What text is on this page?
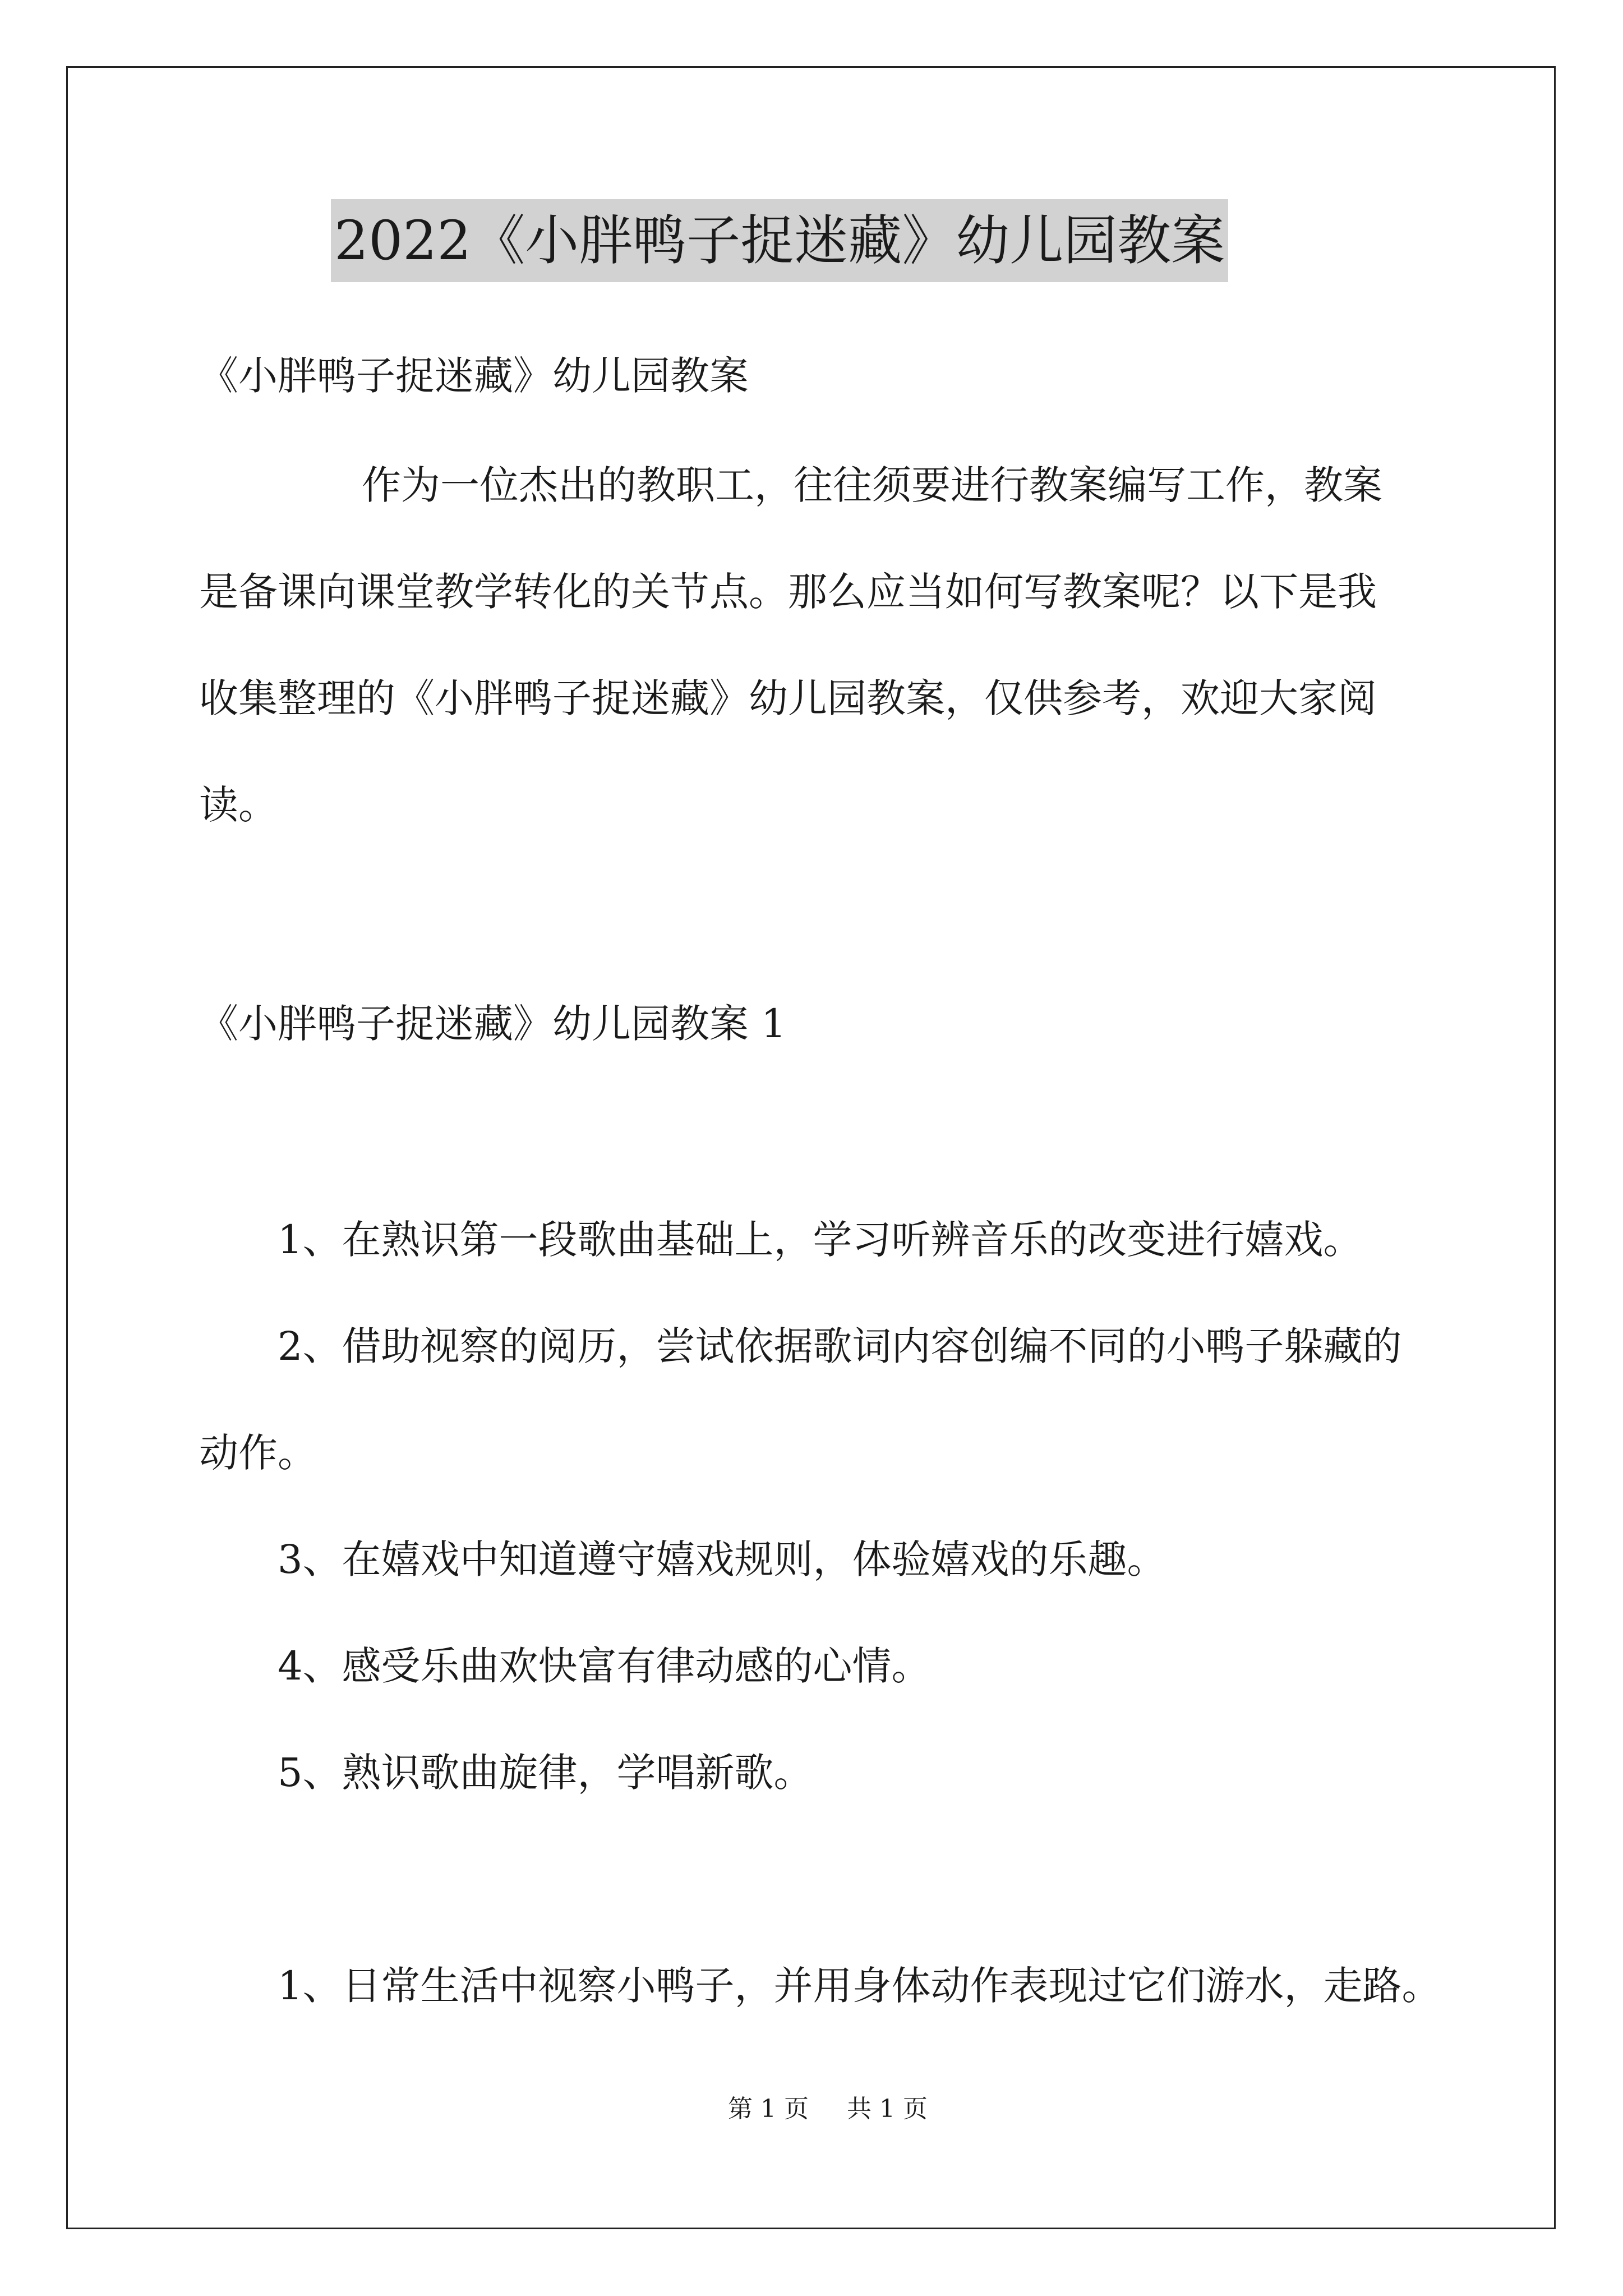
2022《小胖鸭子捉迷藏》幼儿园教案
《小胖鸭子捉迷藏》幼儿园教案
作为一位杰出的教职工，往往须要进行教案编写工作，教案
是备课向课堂教学转化的关节点。那么应当如何写教案呢？以下是我
收集整理的《小胖鸭子捉迷藏》幼儿园教案，仅供参考，欢迎大家阅
读。
《小胖鸭子捉迷藏》幼儿园教案 1
1、在熟识第一段歌曲基础上，学习听辨音乐的改变进行嬉戏。
2、借助视察的阅历，尝试依据歌词内容创编不同的小鸭子躲藏的
动作。
3、在嬉戏中知道遵守嬉戏规则，体验嬉戏的乐趣。
4、感受乐曲欢快富有律动感的心情。
5、熟识歌曲旋律，学唱新歌。
1、日常生活中视察小鸭子，并用身体动作表现过它们游水，走路。
第 1 页 共 1 页
